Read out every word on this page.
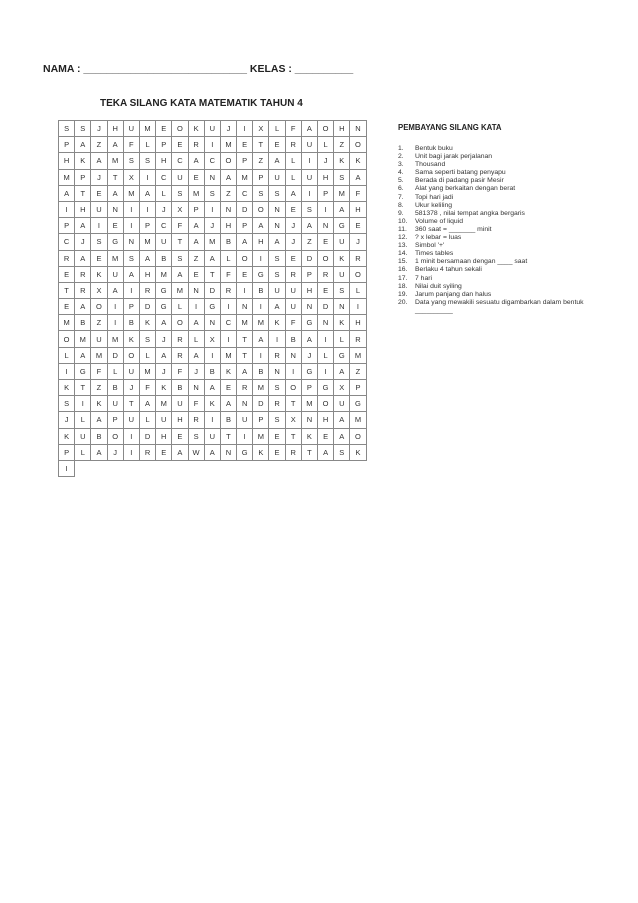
NAMA : ____________________________ KELAS : __________
TEKA SILANG KATA MATEMATIK TAHUN 4
S	S	J	H	U	M	E	O	K	U	J	I	X	L	F	A	O	H	N
P	A	Z	A	F	L	P	E	R	I	M	E	T	E	R	U	L	Z	O
H	K	A	M	S	S	H	C	A	C	O	P	Z	A	L	I	J	K	K
M	P	J	T	X	I	C	U	E	N	A	M	P	U	L	U	H	S	A
A	T	E	A	M	A	L	S	M	S	Z	C	S	S	A	I	P	M	F
I	H	U	N	I	I	J	X	P	I	N	D	O	N	E	S	I	A	H
P	A	I	E	I	P	C	F	A	J	H	P	A	N	J	A	N	G	E
C	J	S	G	N	M	U	T	A	M	B	A	H	A	J	Z	E	U	J
R	A	E	M	S	A	B	S	Z	A	L	O	I	S	E	D	O	K	R
E	R	K	U	A	H	M	A	E	T	F	E	G	S	R	P	R	U	O
T	R	X	A	I	R	G	M	N	D	R	I	B	U	U	H	E	S	L
E	A	O	I	P	D	G	L	I	G	I	N	I	A	U	N	D	N	I
M	B	Z	I	B	K	A	O	A	N	C	M	M	K	F	G	N	K	H
O	M	U	M	K	S	J	R	L	X	I	T	A	I	B	A	I	L	R
L	A	M	D	O	L	A	R	A	I	M	T	I	R	N	J	L	G	M
I	G	F	L	U	M	J	F	J	B	K	A	B	N	I	G	I	A	Z
K	T	Z	B	J	F	K	B	N	A	E	R	M	S	O	P	G	X	P
S	I	K	U	T	A	M	U	F	K	A	N	D	R	T	M	O	U	G
J	L	A	P	U	L	U	H	R	I	B	U	P	S	X	N	H	A	M
K	U	B	O	I	D	H	E	S	U	T	I	M	E	T	K	E	A	O
P	L	A	J	I	R	E	A	W	A	N	G	K	E	R	T	A	S	K
I
PEMBAYANG SILANG KATA
1.	Bentuk buku
2.	Unit bagi jarak perjalanan
3.	Thousand
4.	Sama seperti batang penyapu
5.	Berada di padang pasir Mesir
6.	Alat yang berkaitan dengan berat
7.	Topi hari jadi
8.	Ukur keliling
9.	581378 , nilai tempat angka bergaris
10.	Volume of liquid
11.	360 saat = _______ minit
12.	? x lebar = luas
13.	Simbol '+'
14.	Times tables
15.	1 minit bersamaan dengan ____ saat
16.	Berlaku 4 tahun sekali
17.	7 hari
18.	Nilai duit syiling
19.	Jarum panjang dan halus
20.	Data yang mewakili sesuatu digambarkan dalam bentuk __________
